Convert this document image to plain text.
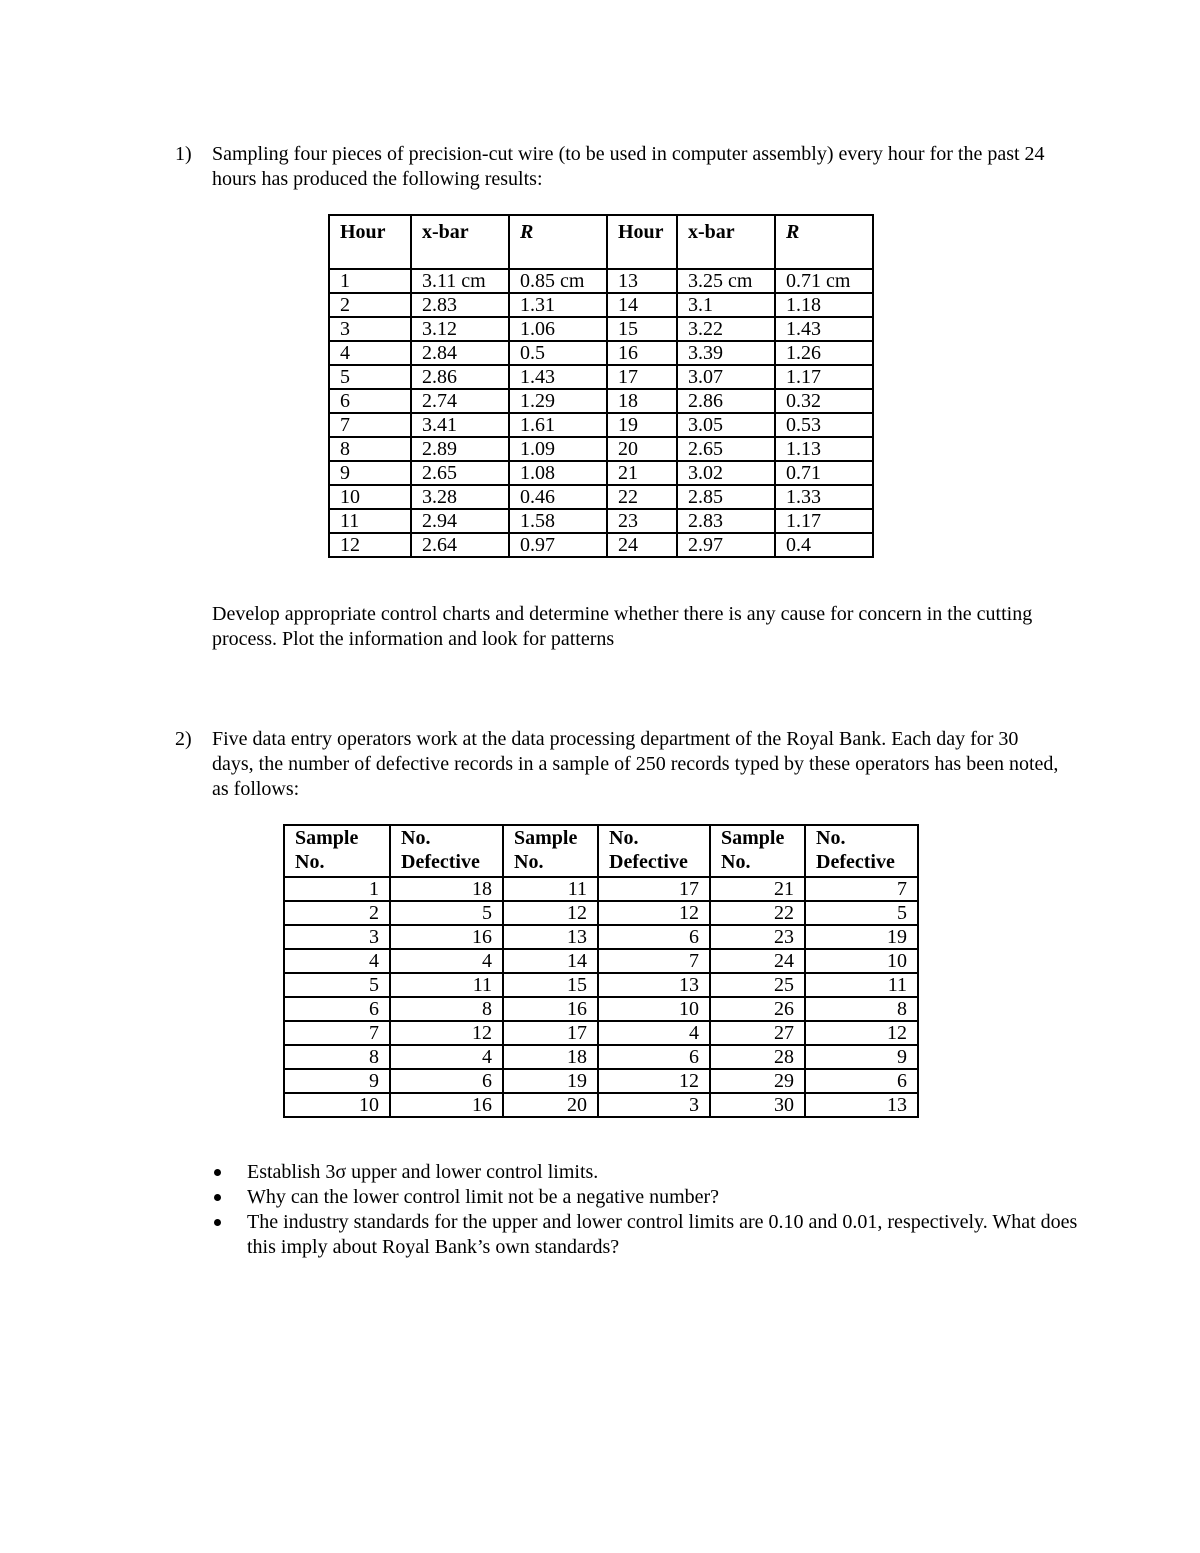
1)	Sampling four pieces of precision-cut wire (to be used in computer assembly) every hour for the past 24 hours has produced the following results:

Hour	x-bar	R	Hour	x-bar	R
1	3.11 cm	0.85 cm	13	3.25 cm	0.71 cm
2	2.83	1.31	14	3.1	1.18
3	3.12	1.06	15	3.22	1.43
4	2.84	0.5	16	3.39	1.26
5	2.86	1.43	17	3.07	1.17
6	2.74	1.29	18	2.86	0.32
7	3.41	1.61	19	3.05	0.53
8	2.89	1.09	20	2.65	1.13
9	2.65	1.08	21	3.02	0.71
10	3.28	0.46	22	2.85	1.33
11	2.94	1.58	23	2.83	1.17
12	2.64	0.97	24	2.97	0.4

Develop appropriate control charts and determine whether there is any cause for concern in the cutting process. Plot the information and look for patterns

2)	Five data entry operators work at the data processing department of the Royal Bank. Each day for 30 days, the number of defective records in a sample of 250 records typed by these operators has been noted, as follows:

Sample No.	No. Defective	Sample No.	No. Defective	Sample No.	No. Defective
1	18	11	17	21	7
2	5	12	12	22	5
3	16	13	6	23	19
4	4	14	7	24	10
5	11	15	13	25	11
6	8	16	10	26	8
7	12	17	4	27	12
8	4	18	6	28	9
9	6	19	12	29	6
10	16	20	3	30	13
Establish 3σ upper and lower control limits.
Why can the lower control limit not be a negative number?
The industry standards for the upper and lower control limits are 0.10 and 0.01, respectively. What does this imply about Royal Bank’s own standards?
